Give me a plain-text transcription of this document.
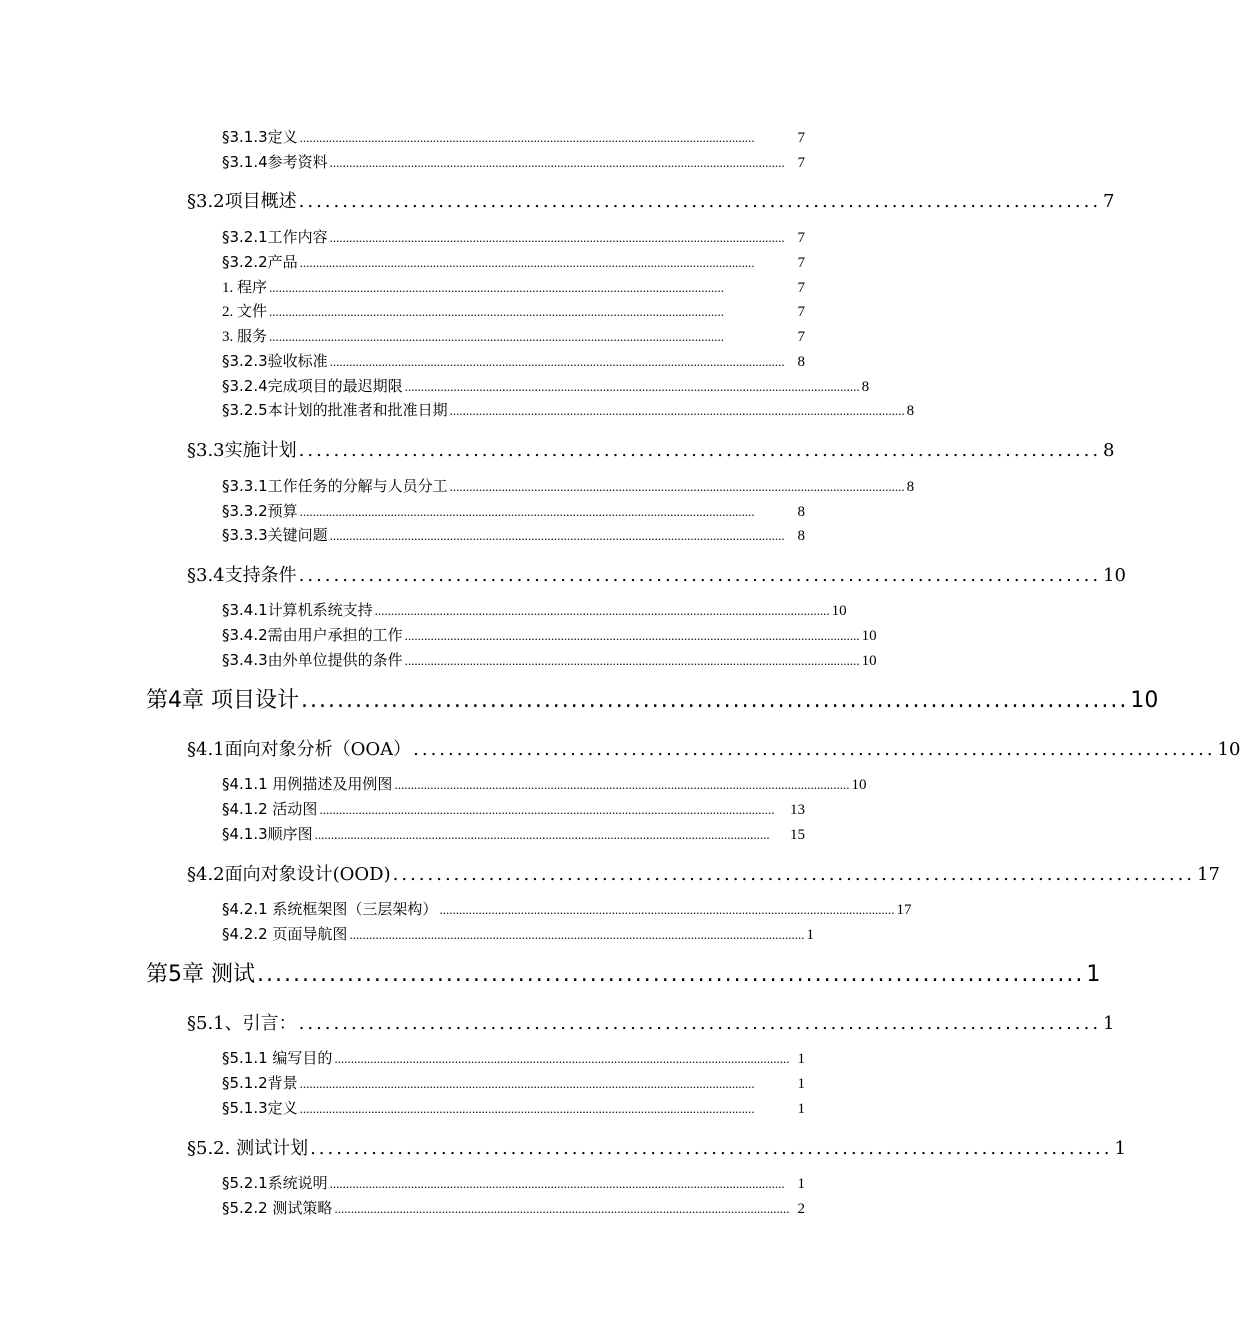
§3.1.3定义 ............................................................................................................................................	7
§3.1.4参考资料 ............................................................................................................................................ 7
§3.2项目概述 ............................................................................................ 7
§3.2.1工作内容 ............................................................................................................................................ 7
§3.2.2产品 ............................................................................................................................................	7
1. 程序 ............................................................................................................................................	7
2. 文件 ............................................................................................................................................	7
3. 服务 ............................................................................................................................................	7
§3.2.3验收标准 ............................................................................................................................................ 8
§3.2.4完成项目的最迟期限 ............................................................................................................................................ 8
§3.2.5本计划的批准者和批准日期 ............................................................................................................................................ 8
§3.3实施计划 ............................................................................................ 8
§3.3.1工作任务的分解与人员分工 ............................................................................................................................................ 8
§3.3.2预算 ............................................................................................................................................	8
§3.3.3关键问题 ............................................................................................................................................ 8
§3.4支持条件 ............................................................................................ 10
§3.4.1计算机系统支持 ............................................................................................................................................ 10
§3.4.2需由用户承担的工作 ............................................................................................................................................ 10
§3.4.3由外单位提供的条件 ............................................................................................................................................ 10
第4章 项目设计 ............................................................................................ 10
§4.1面向对象分析（OOA） ............................................................................................ 10
§4.1.1 用例描述及用例图 ............................................................................................................................................ 10
§4.1.2 活动图 ............................................................................................................................................	13
§4.1.3顺序图 ............................................................................................................................................	15
§4.2面向对象设计(OOD) ............................................................................................ 17
§4.2.1 系统框架图（三层架构） ............................................................................................................................................ 17
§4.2.2 页面导航图 ............................................................................................................................................ 1
第5章 测试 ............................................................................................ 1
§5.1、引言： ............................................................................................ 1
§5.1.1 编写目的 ............................................................................................................................................ 1
§5.1.2背景 ............................................................................................................................................	1
§5.1.3定义 ............................................................................................................................................	1
§5.2. 测试计划 ............................................................................................ 1
§5.2.1系统说明 ............................................................................................................................................ 1
§5.2.2 测试策略 ............................................................................................................................................ 2
